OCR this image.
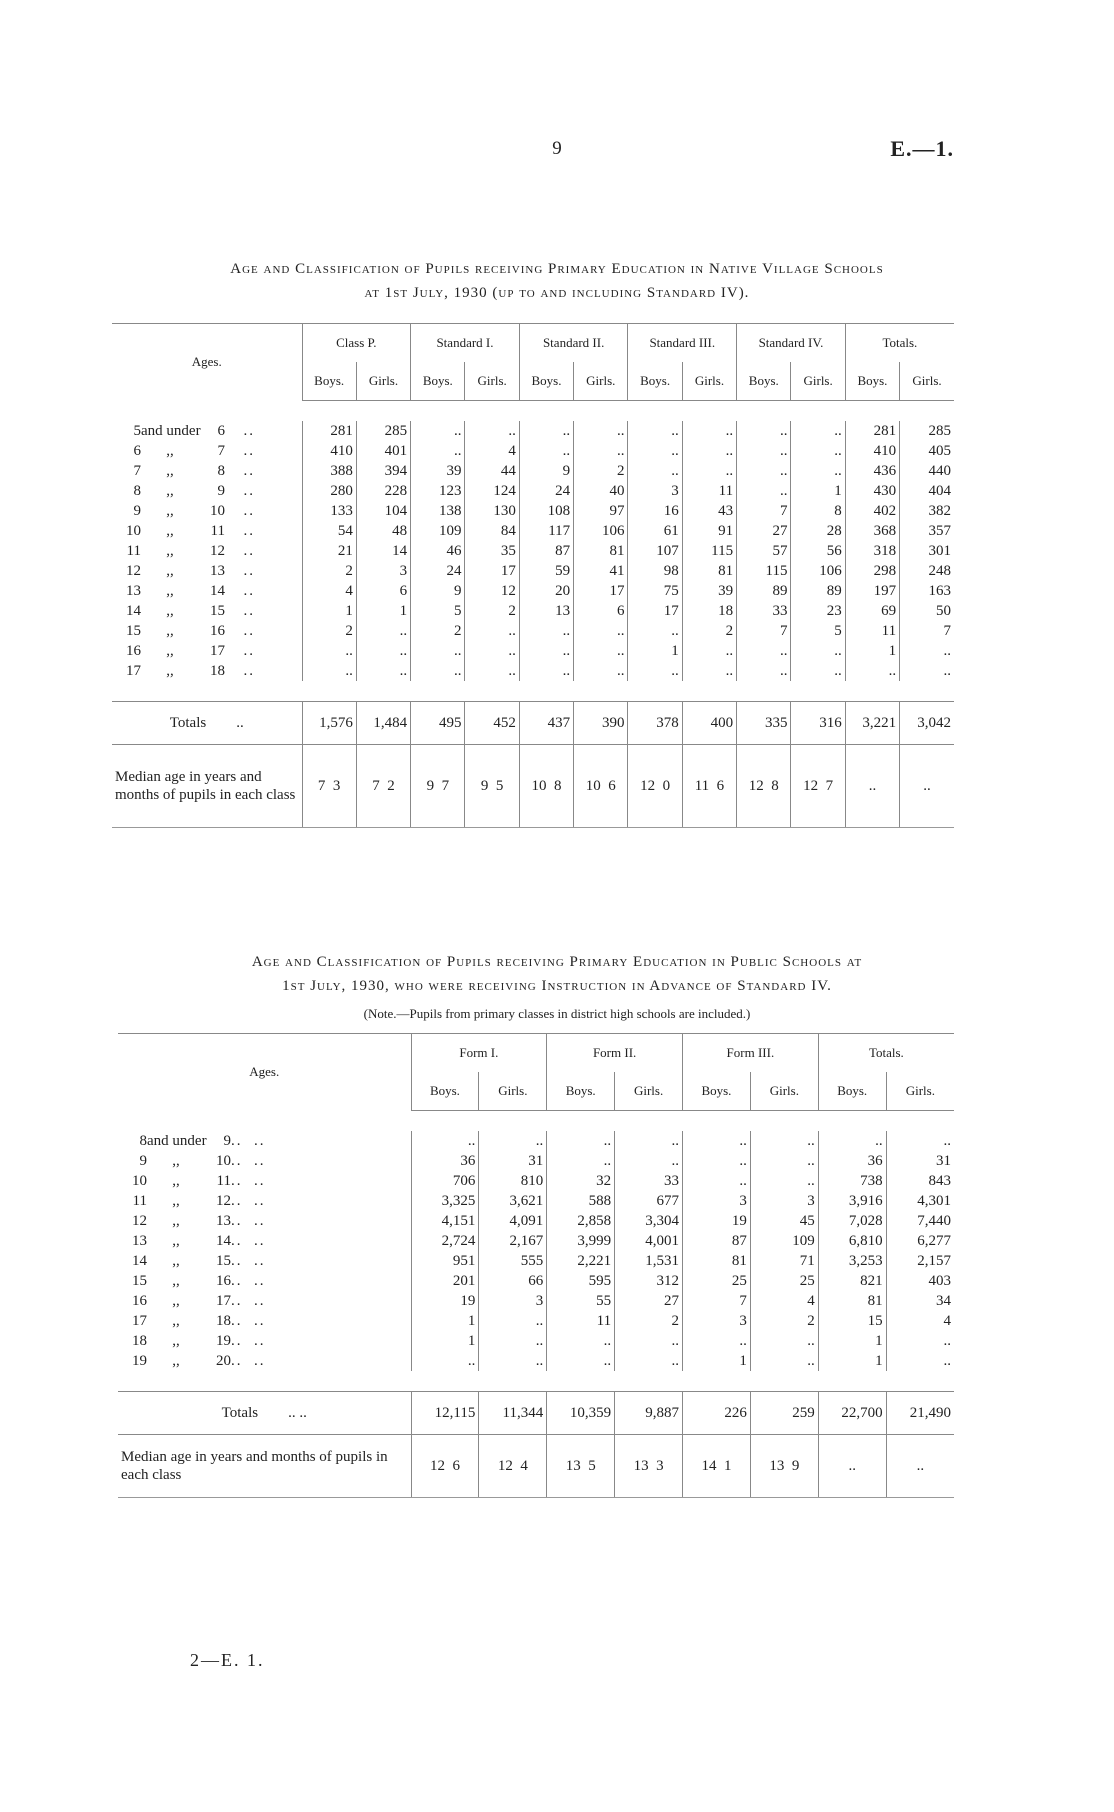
9	E.—1.
Age and Classification of Pupils receiving Primary Education in Native Village Schools
at 1st July, 1930 (up to and including Standard IV).
Ages.	Class P.		Standard I.		Standard II.		Standard III.		Standard IV.		Totals.	
	Boys.	Girls.	Boys.	Girls.	Boys.	Girls.	Boys.	Girls.	Boys.	Girls.	Boys.	Girls.

5and under 6 ..	281	285	..	..	..	..	..	..	..	..	281	285
6 ,, 7 ..	410	401	..	4	..	..	..	..	..	..	410	405
7 ,, 8 ..	388	394	39	44	9	2	..	..	..	..	436	440
8 ,, 9 ..	280	228	123	124	24	40	3	11	..	1	430	404
9 ,, 10 ..	133	104	138	130	108	97	16	43	7	8	402	382
10 ,, 11 ..	54	48	109	84	117	106	61	91	27	28	368	357
11 ,, 12 ..	21	14	46	35	87	81	107	115	57	56	318	301
12 ,, 13 ..	2	3	24	17	59	41	98	81	115	106	298	248
13 ,, 14 ..	4	6	9	12	20	17	75	39	89	89	197	163
14 ,, 15 ..	1	1	5	2	13	6	17	18	33	23	69	50
15 ,, 16 ..	2	..	2	..	..	..	..	2	7	5	11	7
16 ,, 17 ..	..	..	..	..	..	..	1	..	..	..	1	..
17 ,, 18 ..	..	..	..	..	..	..	..	..	..	..	..	..

Totals ..	1,576	1,484	495	452	437	390	378	400	335	316	3,221	3,042
Median age in years and months of pupils in each class	7  3	7  2	9  7	9  5	10  8	10  6	12  0	11  6	12  8	12  7	..	..
Age and Classification of Pupils receiving Primary Education in Public Schools at
1st July, 1930, who were receiving Instruction in Advance of Standard IV.
(Note.—Pupils from primary classes in district high schools are included.)
Ages.	Form I.		Form II.		Form III.		Totals.	
	Boys.	Girls.	Boys.	Girls.	Boys.	Girls.	Boys.	Girls.

8and under 9..  ..	..	..	..	..	..	..	..	..
9 ,, 10..  ..	36	31	..	..	..	..	36	31
10 ,, 11..  ..	706	810	32	33	..	..	738	843
11 ,, 12..  ..	3,325	3,621	588	677	3	3	3,916	4,301
12 ,, 13..  ..	4,151	4,091	2,858	3,304	19	45	7,028	7,440
13 ,, 14..  ..	2,724	2,167	3,999	4,001	87	109	6,810	6,277
14 ,, 15..  ..	951	555	2,221	1,531	81	71	3,253	2,157
15 ,, 16..  ..	201	66	595	312	25	25	821	403
16 ,, 17..  ..	19	3	55	27	7	4	81	34
17 ,, 18..  ..	1	..	11	2	3	2	15	4
18 ,, 19..  ..	1	..	..	..	..	..	1	..
19 ,, 20..  ..	..	..	..	..	1	..	1	..

Totals .. ..	12,115	11,344	10,359	9,887	226	259	22,700	21,490
Median age in years and months of pupils in each class	12  6	12  4	13  5	13  3	14  1	13  9	..	..
2—E. 1.
